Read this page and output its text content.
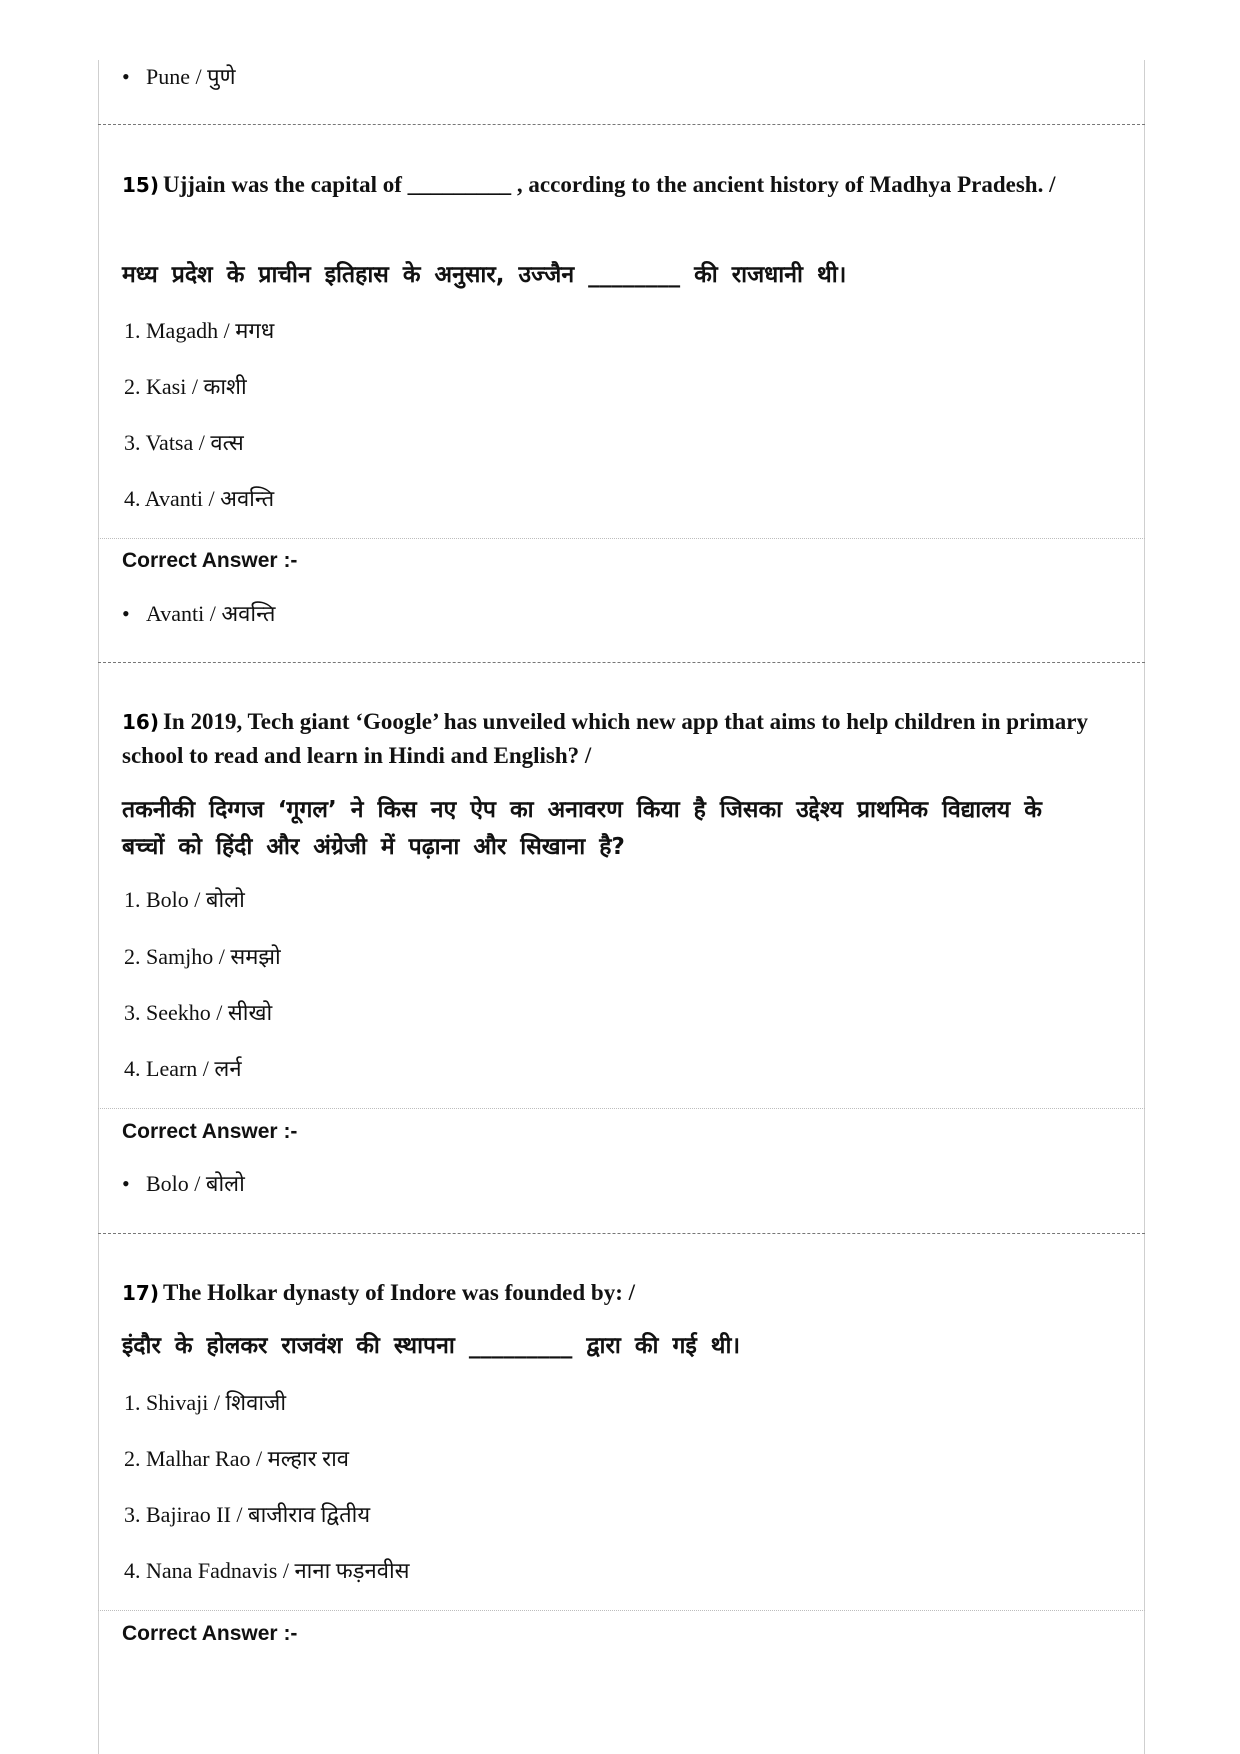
• Pune / पुणे
15) Ujjain was the capital of _________ , according to the ancient history of Madhya Pradesh. /
मध्य प्रदेश के प्राचीन इतिहास के अनुसार, उज्जैन ________ की राजधानी थी।
1. Magadh / मगध
2. Kasi / काशी
3. Vatsa / वत्स
4. Avanti / अवन्ति
Correct Answer :-
• Avanti / अवन्ति
16) In 2019, Tech giant ‘Google’ has unveiled which new app that aims to help children in primary school to read and learn in Hindi and English? /
तकनीकी दिग्गज ‘गूगल’ ने किस नए ऐप का अनावरण किया है जिसका उद्देश्य प्राथमिक विद्यालय के बच्चों को हिंदी और अंग्रेजी में पढ़ाना और सिखाना है?
1. Bolo / बोलो
2. Samjho / समझो
3. Seekho / सीखो
4. Learn / लर्न
Correct Answer :-
• Bolo / बोलो
17) The Holkar dynasty of Indore was founded by: /
इंदौर के होलकर राजवंश की स्थापना _________ द्वारा की गई थी।
1. Shivaji / शिवाजी
2. Malhar Rao / मल्हार राव
3. Bajirao II / बाजीराव द्वितीय
4. Nana Fadnavis / नाना फड़नवीस
Correct Answer :-
